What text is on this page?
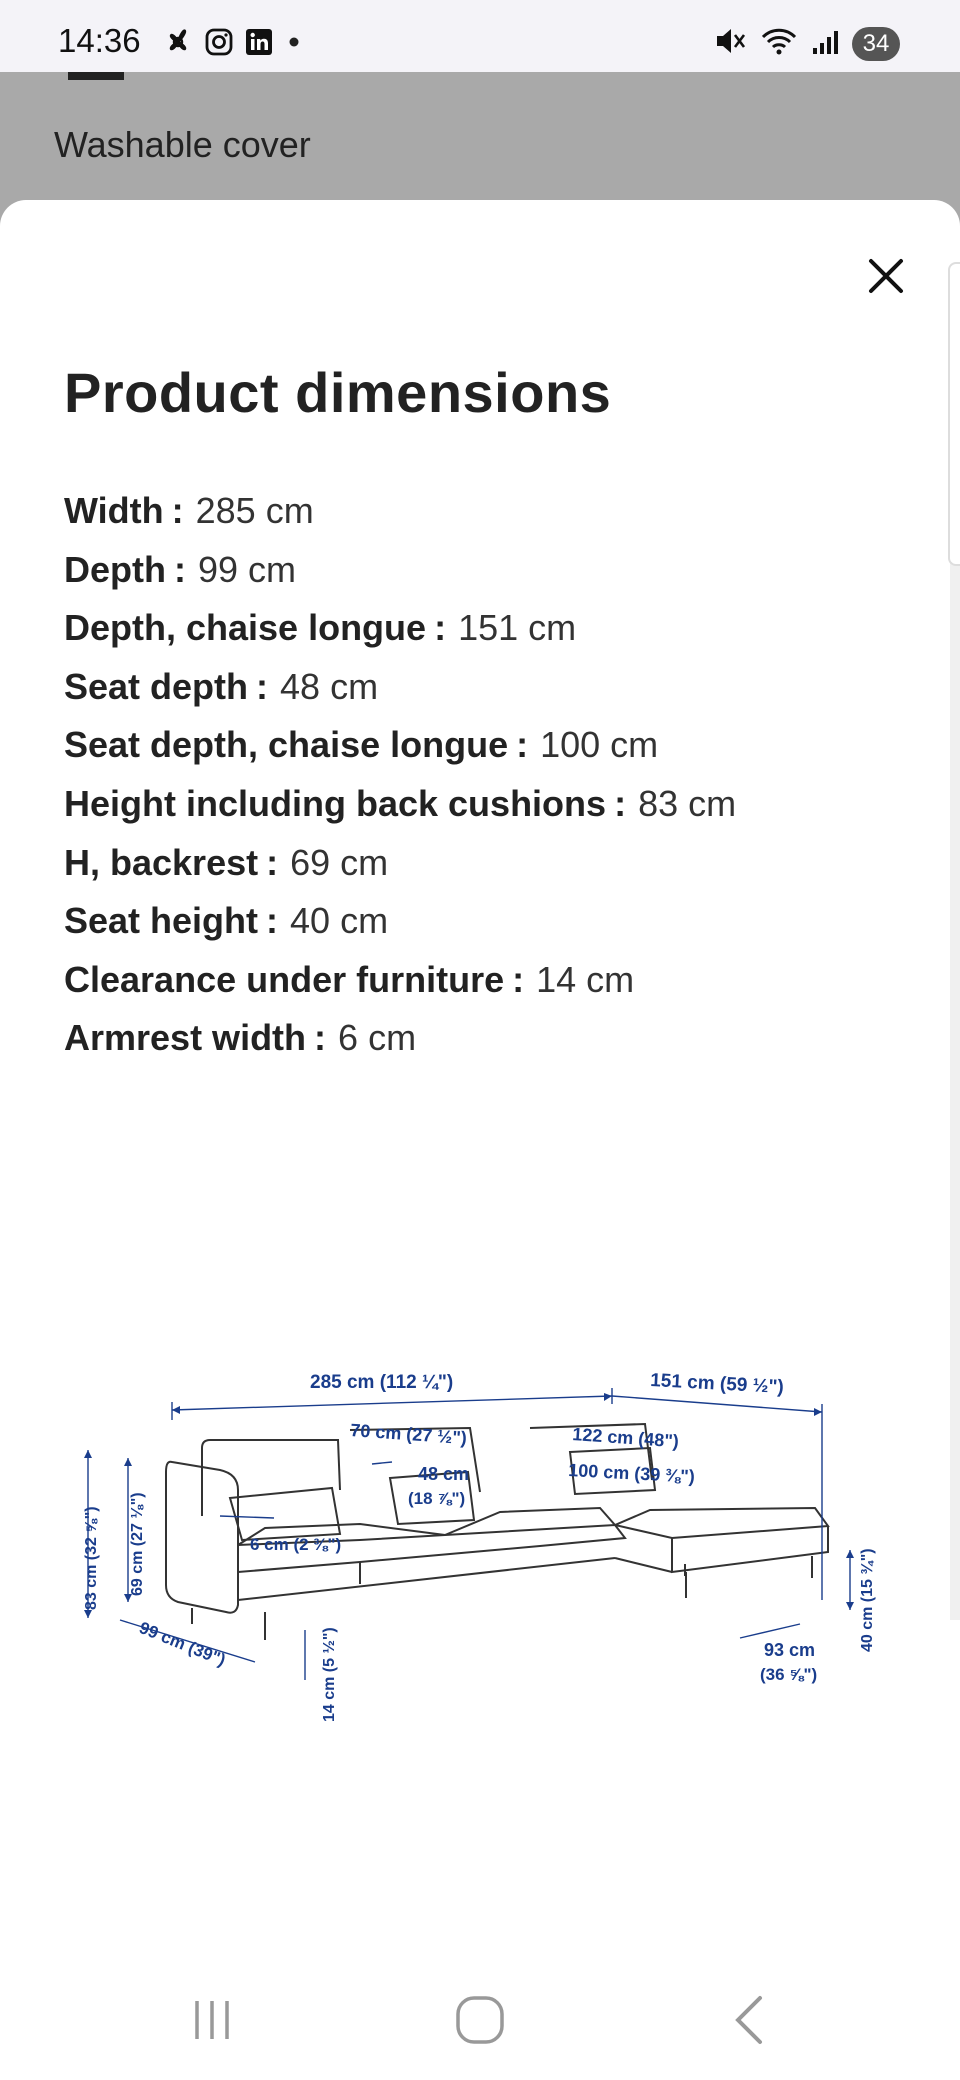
14:36	34
Washable cover
Product dimensions
Width : 285 cm
Depth : 99 cm
Depth, chaise longue : 151 cm
Seat depth : 48 cm
Seat depth, chaise longue : 100 cm
Height including back cushions : 83 cm
H, backrest : 69 cm
Seat height : 40 cm
Clearance under furniture : 14 cm
Armrest width : 6 cm
285 cm (112 ¼")	151 cm (59 ½")
70 cm (27 ½")	122 cm (48")
48 cm
(18 ⅞")
100 cm (39 ⅜")
83 cm (32 ⅝") 69 cm (27 ⅛")	6 cm (2 ⅜")
99 cm (39")	14 cm (5 ½")	93 cm
(36 ⅝")
40 cm (15 ¾")
